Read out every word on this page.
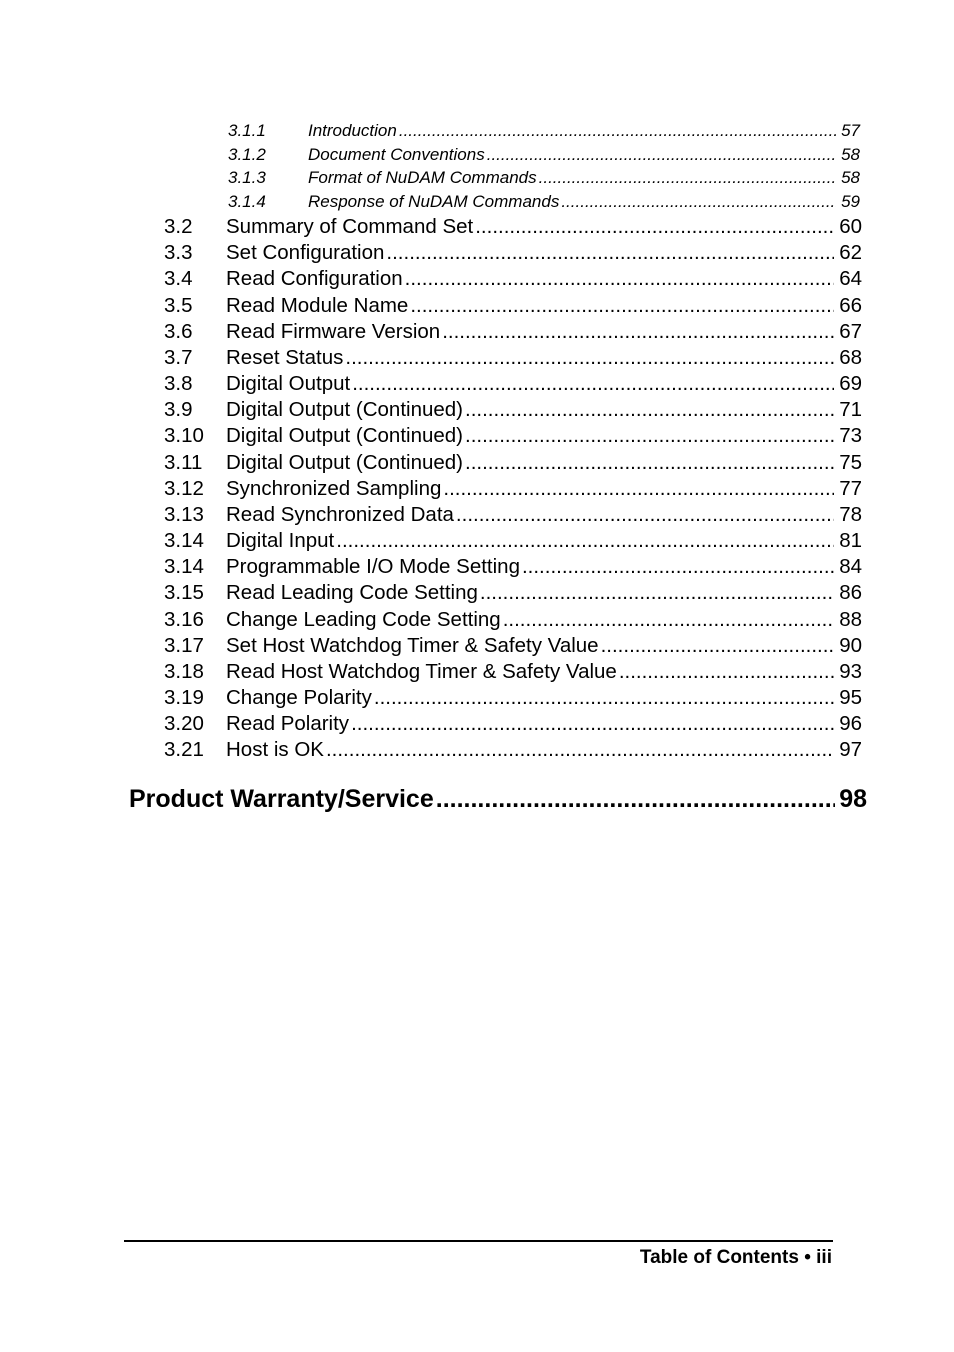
3.1.1	Introduction .....	57
3.1.2	Document Conventions .....	58
3.1.3	Format of NuDAM Commands .....	58
3.1.4	Response of NuDAM Commands .....	59
3.2	Summary of Command Set .....	60
3.3	Set Configuration .....	62
3.4	Read Configuration .....	64
3.5	Read Module Name .....	66
3.6	Read Firmware Version .....	67
3.7	Reset Status .....	68
3.8	Digital Output .....	69
3.9	Digital Output (Continued) .....	71
3.10	Digital Output (Continued) .....	73
3.11	Digital Output (Continued) .....	75
3.12	Synchronized Sampling .....	77
3.13	Read Synchronized Data .....	78
3.14	Digital Input .....	81
3.14	Programmable I/O Mode Setting .....	84
3.15	Read Leading Code Setting .....	86
3.16	Change Leading Code Setting .....	88
3.17	Set Host Watchdog Timer & Safety Value .....	90
3.18	Read Host Watchdog Timer & Safety Value .....	93
3.19	Change Polarity .....	95
3.20	Read Polarity .....	96
3.21	Host is OK .....	97
Product Warranty/Service .....	98
Table of Contents • iii
